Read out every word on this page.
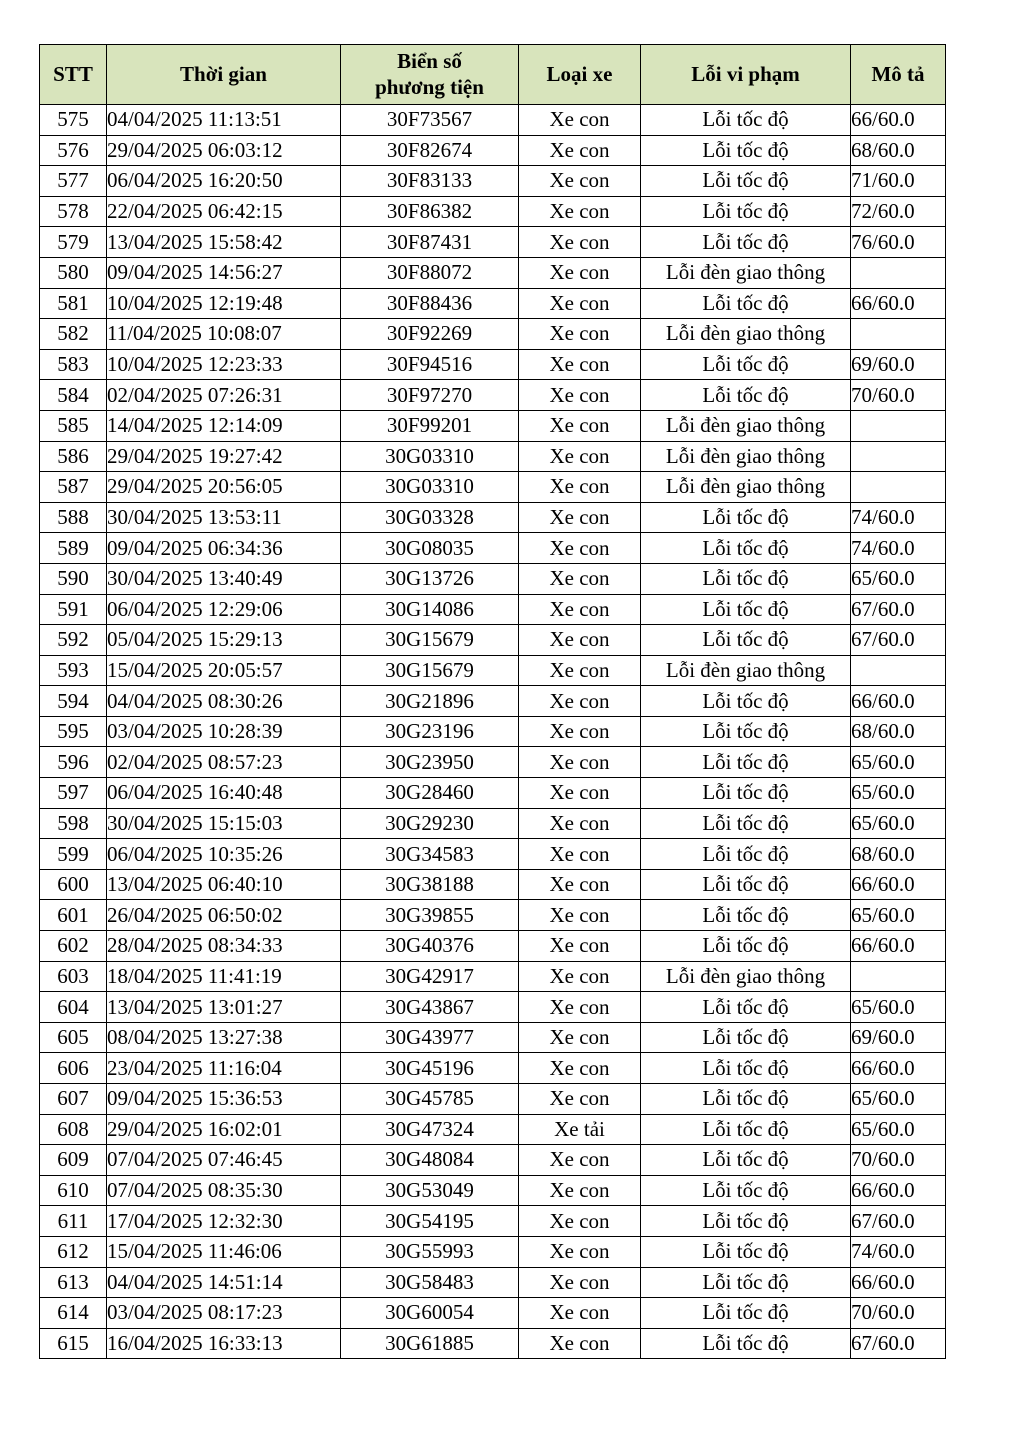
STT	Thời gian	Biển số
phương tiện	Loại xe	Lỗi vi phạm	Mô tả
575	04/04/2025 11:13:51	30F73567	Xe con	Lỗi tốc độ	66/60.0
576	29/04/2025 06:03:12	30F82674	Xe con	Lỗi tốc độ	68/60.0
577	06/04/2025 16:20:50	30F83133	Xe con	Lỗi tốc độ	71/60.0
578	22/04/2025 06:42:15	30F86382	Xe con	Lỗi tốc độ	72/60.0
579	13/04/2025 15:58:42	30F87431	Xe con	Lỗi tốc độ	76/60.0
580	09/04/2025 14:56:27	30F88072	Xe con	Lỗi đèn giao thông	
581	10/04/2025 12:19:48	30F88436	Xe con	Lỗi tốc độ	66/60.0
582	11/04/2025 10:08:07	30F92269	Xe con	Lỗi đèn giao thông	
583	10/04/2025 12:23:33	30F94516	Xe con	Lỗi tốc độ	69/60.0
584	02/04/2025 07:26:31	30F97270	Xe con	Lỗi tốc độ	70/60.0
585	14/04/2025 12:14:09	30F99201	Xe con	Lỗi đèn giao thông	
586	29/04/2025 19:27:42	30G03310	Xe con	Lỗi đèn giao thông	
587	29/04/2025 20:56:05	30G03310	Xe con	Lỗi đèn giao thông	
588	30/04/2025 13:53:11	30G03328	Xe con	Lỗi tốc độ	74/60.0
589	09/04/2025 06:34:36	30G08035	Xe con	Lỗi tốc độ	74/60.0
590	30/04/2025 13:40:49	30G13726	Xe con	Lỗi tốc độ	65/60.0
591	06/04/2025 12:29:06	30G14086	Xe con	Lỗi tốc độ	67/60.0
592	05/04/2025 15:29:13	30G15679	Xe con	Lỗi tốc độ	67/60.0
593	15/04/2025 20:05:57	30G15679	Xe con	Lỗi đèn giao thông	
594	04/04/2025 08:30:26	30G21896	Xe con	Lỗi tốc độ	66/60.0
595	03/04/2025 10:28:39	30G23196	Xe con	Lỗi tốc độ	68/60.0
596	02/04/2025 08:57:23	30G23950	Xe con	Lỗi tốc độ	65/60.0
597	06/04/2025 16:40:48	30G28460	Xe con	Lỗi tốc độ	65/60.0
598	30/04/2025 15:15:03	30G29230	Xe con	Lỗi tốc độ	65/60.0
599	06/04/2025 10:35:26	30G34583	Xe con	Lỗi tốc độ	68/60.0
600	13/04/2025 06:40:10	30G38188	Xe con	Lỗi tốc độ	66/60.0
601	26/04/2025 06:50:02	30G39855	Xe con	Lỗi tốc độ	65/60.0
602	28/04/2025 08:34:33	30G40376	Xe con	Lỗi tốc độ	66/60.0
603	18/04/2025 11:41:19	30G42917	Xe con	Lỗi đèn giao thông	
604	13/04/2025 13:01:27	30G43867	Xe con	Lỗi tốc độ	65/60.0
605	08/04/2025 13:27:38	30G43977	Xe con	Lỗi tốc độ	69/60.0
606	23/04/2025 11:16:04	30G45196	Xe con	Lỗi tốc độ	66/60.0
607	09/04/2025 15:36:53	30G45785	Xe con	Lỗi tốc độ	65/60.0
608	29/04/2025 16:02:01	30G47324	Xe tải	Lỗi tốc độ	65/60.0
609	07/04/2025 07:46:45	30G48084	Xe con	Lỗi tốc độ	70/60.0
610	07/04/2025 08:35:30	30G53049	Xe con	Lỗi tốc độ	66/60.0
611	17/04/2025 12:32:30	30G54195	Xe con	Lỗi tốc độ	67/60.0
612	15/04/2025 11:46:06	30G55993	Xe con	Lỗi tốc độ	74/60.0
613	04/04/2025 14:51:14	30G58483	Xe con	Lỗi tốc độ	66/60.0
614	03/04/2025 08:17:23	30G60054	Xe con	Lỗi tốc độ	70/60.0
615	16/04/2025 16:33:13	30G61885	Xe con	Lỗi tốc độ	67/60.0
